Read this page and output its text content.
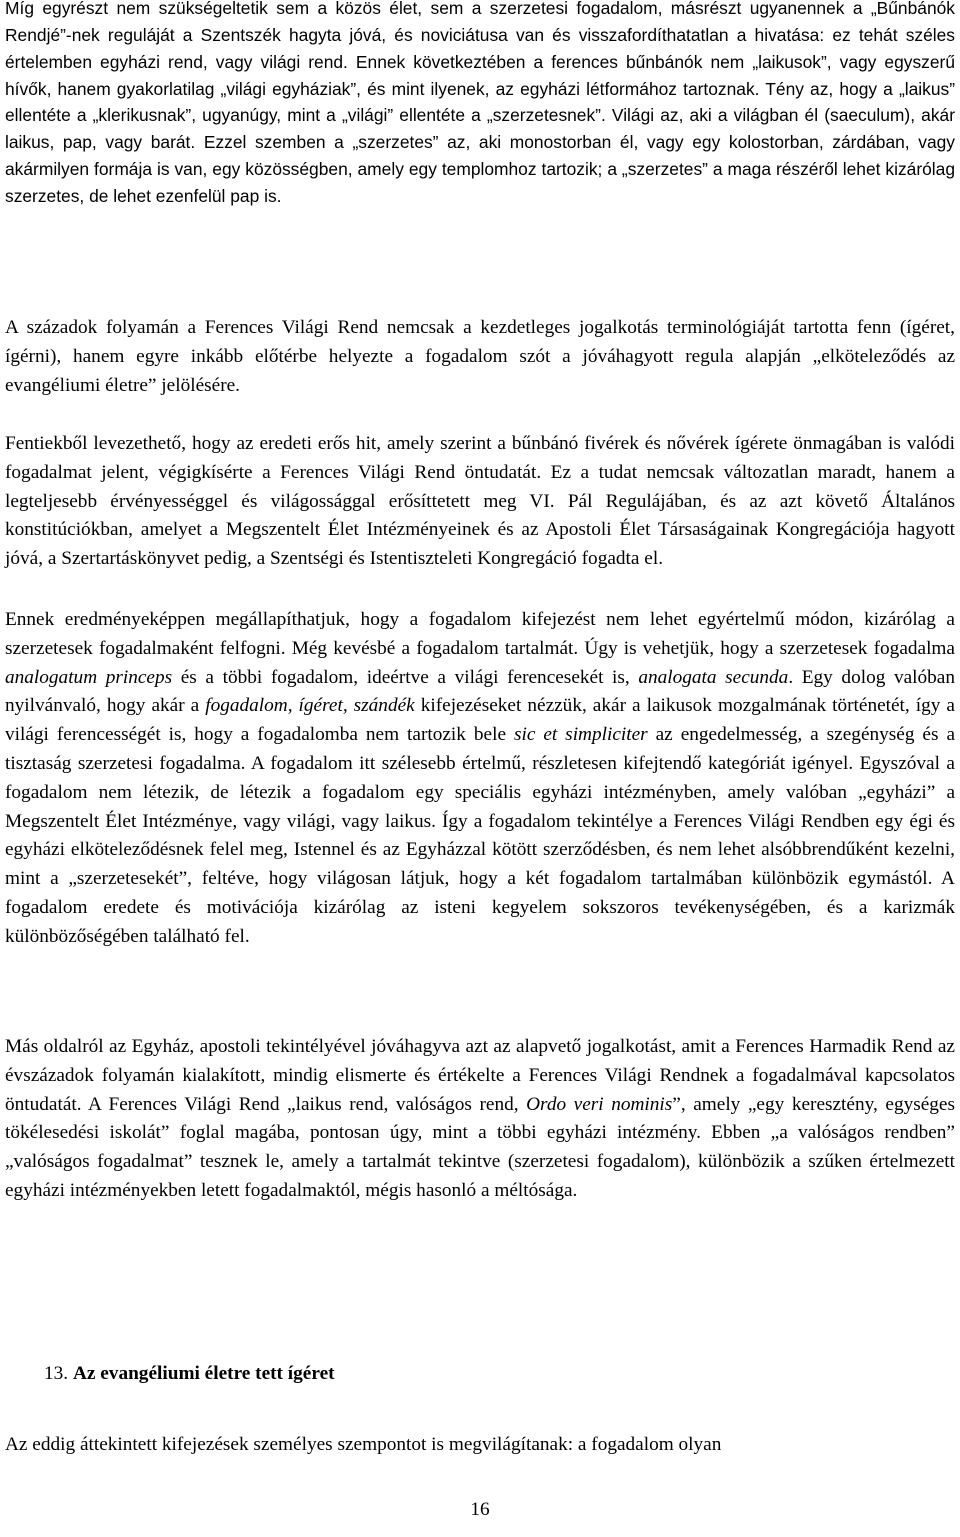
Míg egyrészt nem szükségeltetik sem a közös élet, sem a szerzetesi fogadalom, másrészt ugyanennek a „Bűnbánók Rendjé”-nek reguláját a Szentszék hagyta jóvá, és noviciátusa van és visszafordíthatatlan a hivatása: ez tehát széles értelemben egyházi rend, vagy világi rend. Ennek következtében a ferences bűnbánók nem „laikusok”, vagy egyszerű hívők, hanem gyakorlatilag „világi egyháziak”, és mint ilyenek, az egyházi létformához tartoznak. Tény az, hogy a „laikus” ellentéte a „klerikusnak”, ugyanúgy, mint a „világi” ellentéte a „szerzetesnek”. Világi az, aki a világban él (saeculum), akár laikus, pap, vagy barát. Ezzel szemben a „szerzetes” az, aki monostorban él, vagy egy kolostorban, zárdában, vagy akármilyen formája is van, egy közösségben, amely egy templomhoz tartozik; a „szerzetes” a maga részéről lehet kizárólag szerzetes, de lehet ezenfelül pap is.

A századok folyamán a Ferences Világi Rend nemcsak a kezdetleges jogalkotás terminológiáját tartotta fenn (ígéret, ígérni), hanem egyre inkább előtérbe helyezte a fogadalom szót a jóváhagyott regula alapján „elköteleződés az evangéliumi életre” jelölésére.

Fentiekből levezethető, hogy az eredeti erős hit, amely szerint a bűnbánó fivérek és nővérek ígérete önmagában is valódi fogadalmat jelent, végigkísérte a Ferences Világi Rend öntudatát. Ez a tudat nemcsak változatlan maradt, hanem a legteljesebb érvényességgel és világossággal erősíttetett meg VI. Pál Regulájában, és az azt követő Általános konstitúciókban, amelyet a Megszentelt Élet Intézményeinek és az Apostoli Élet Társaságainak Kongregációja hagyott jóvá, a Szertartáskönyvet pedig, a Szentségi és Istentiszteleti Kongregáció fogadta el.

Ennek eredményeképpen megállapíthatjuk, hogy a fogadalom kifejezést nem lehet egyértelmű módon, kizárólag a szerzetesek fogadalmaként felfogni. Még kevésbé a fogadalom tartalmát. Úgy is vehetjük, hogy a szerzetesek fogadalma analogatum princeps és a többi fogadalom, ideértve a világi ferencesekét is, analogata secunda. Egy dolog valóban nyilvánvaló, hogy akár a fogadalom, ígéret, szándék kifejezéseket nézzük, akár a laikusok mozgalmának történetét, így a világi ferencességét is, hogy a fogadalomba nem tartozik bele sic et simpliciter az engedelmesség, a szegénység és a tisztaság szerzetesi fogadalma. A fogadalom itt szélesebb értelmű, részletesen kifejtendő kategóriát igényel. Egyszóval a fogadalom nem létezik, de létezik a fogadalom egy speciális egyházi intézményben, amely valóban „egyházi” a Megszentelt Élet Intézménye, vagy világi, vagy laikus. Így a fogadalom tekintélye a Ferences Világi Rendben egy égi és egyházi elköteleződésnek felel meg, Istennel és az Egyházzal kötött szerződésben, és nem lehet alsóbbrendűként kezelni, mint a „szerzetesekét”, feltéve, hogy világosan látjuk, hogy a két fogadalom tartalmában különbözik egymástól. A fogadalom eredete és motivációja kizárólag az isteni kegyelem sokszoros tevékenységében, és a karizmák különbözőségében található fel.

Más oldalról az Egyház, apostoli tekintélyével jóváhagyva azt az alapvető jogalkotást, amit a Ferences Harmadik Rend az évszázadok folyamán kialakított, mindig elismerte és értékelte a Ferences Világi Rendnek a fogadalmával kapcsolatos öntudatát. A Ferences Világi Rend „laikus rend, valóságos rend, Ordo veri nominis”, amely „egy keresztény, egységes tökélesedési iskolát” foglal magába, pontosan úgy, mint a többi egyházi intézmény. Ebben „a valóságos rendben” „valóságos fogadalmat” tesznek le, amely a tartalmát tekintve (szerzetesi fogadalom), különbözik a szűken értelmezett egyházi intézményekben letett fogadalmaktól, mégis hasonló a méltósága.

13. Az evangéliumi életre tett ígéret

Az eddig áttekintett kifejezések személyes szempontot is megvilágítanak: a fogadalom olyan

16
